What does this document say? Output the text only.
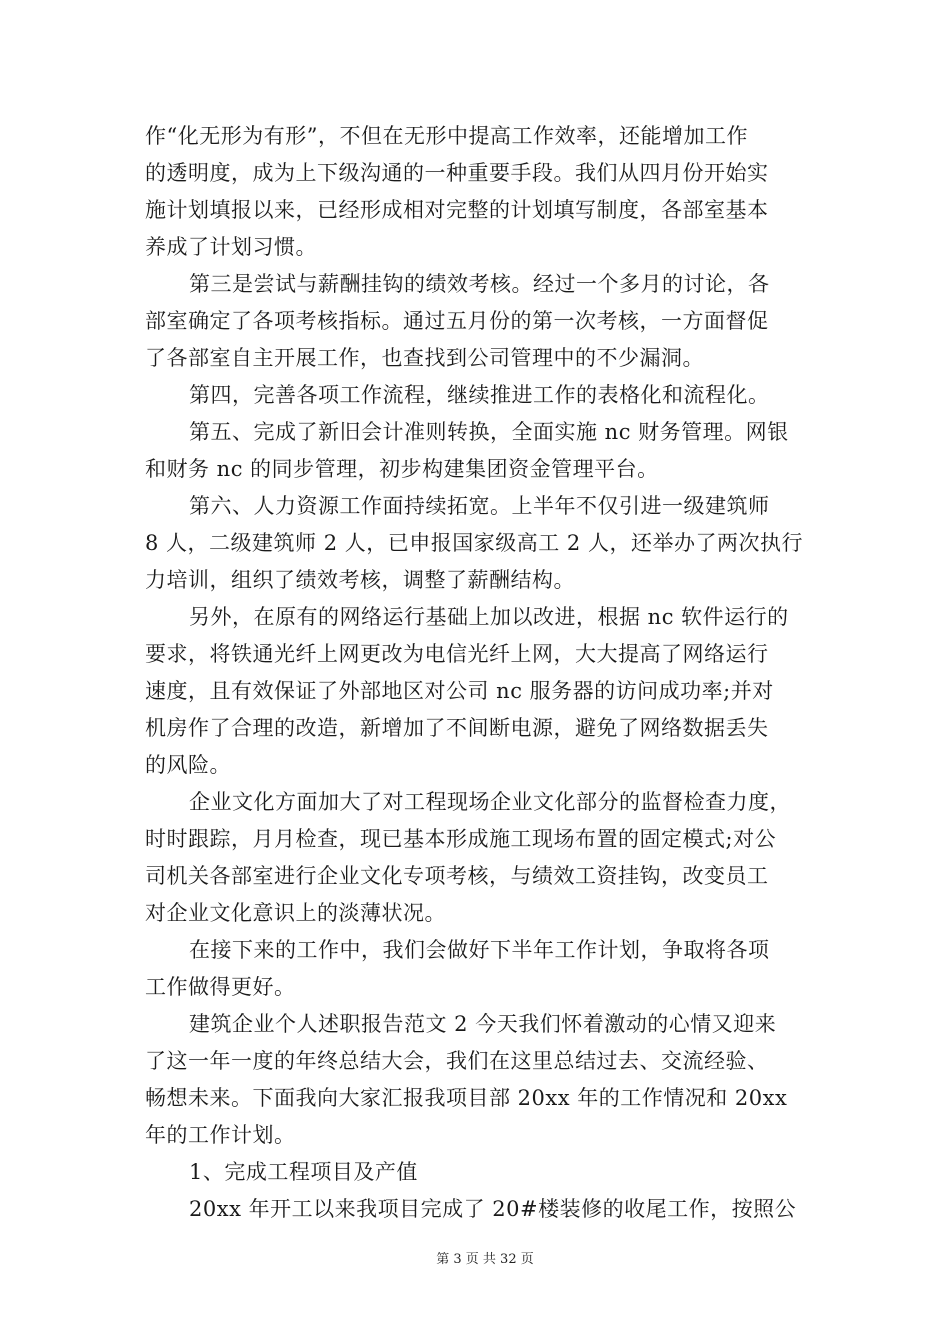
作“化无形为有形”，不但在无形中提高工作效率，还能增加工作
的透明度，成为上下级沟通的一种重要手段。我们从四月份开始实
施计划填报以来，已经形成相对完整的计划填写制度，各部室基本
养成了计划习惯。
第三是尝试与薪酬挂钩的绩效考核。经过一个多月的讨论，各
部室确定了各项考核指标。通过五月份的第一次考核，一方面督促
了各部室自主开展工作，也查找到公司管理中的不少漏洞。
第四，完善各项工作流程，继续推进工作的表格化和流程化。
第五、完成了新旧会计准则转换，全面实施 nc 财务管理。网银
和财务 nc 的同步管理，初步构建集团资金管理平台。
第六、人力资源工作面持续拓宽。上半年不仅引进一级建筑师
8 人，二级建筑师 2 人，已申报国家级高工 2 人，还举办了两次执行
力培训，组织了绩效考核，调整了薪酬结构。
另外，在原有的网络运行基础上加以改进，根据 nc 软件运行的
要求，将铁通光纤上网更改为电信光纤上网，大大提高了网络运行
速度，且有效保证了外部地区对公司 nc 服务器的访问成功率;并对
机房作了合理的改造，新增加了不间断电源，避免了网络数据丢失
的风险。
企业文化方面加大了对工程现场企业文化部分的监督检查力度，
时时跟踪，月月检查，现已基本形成施工现场布置的固定模式;对公
司机关各部室进行企业文化专项考核，与绩效工资挂钩，改变员工
对企业文化意识上的淡薄状况。
在接下来的工作中，我们会做好下半年工作计划，争取将各项
工作做得更好。
建筑企业个人述职报告范文 2 今天我们怀着激动的心情又迎来
了这一年一度的年终总结大会，我们在这里总结过去、交流经验、
畅想未来。下面我向大家汇报我项目部 20xx 年的工作情况和 20xx
年的工作计划。
1、完成工程项目及产值
20xx 年开工以来我项目完成了 20#楼装修的收尾工作，按照公
第 3 页 共 32 页
